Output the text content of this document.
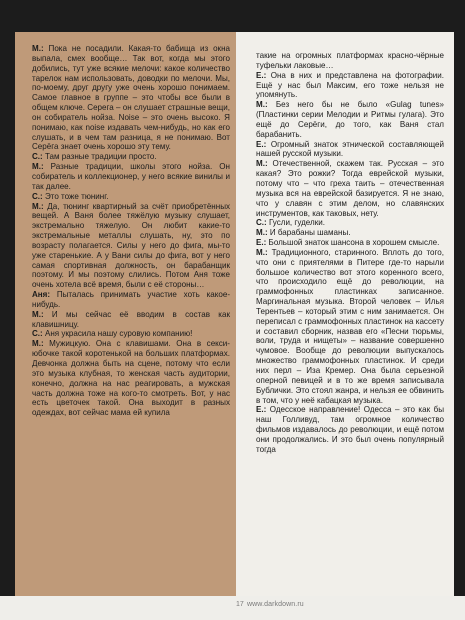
М.: Пока не посадили. Какая-то бабища из окна выпала, смех вообще… Так вот, когда мы этого добились, тут уже всякие мелочи: какое количество тарелок нам использовать, доводки по мелочи. Мы, по-моему, друг другу уже очень хорошо понимаем. Самое главное в группе – это чтобы все были в общем ключе. Серега – он слушает страшные вещи, он собиратель нойза. Noise – это очень высоко. Я понимаю, как noise издавать чем-нибудь, но как его слушать, и в чем там разница, я не понимаю. Вот Серёга знает очень хорошо эту тему.

С.: Там разные традиции просто.

М.: Разные традиции, школы этого нойза. Он собиратель и коллекционер, у него всякие винилы и так далее.

С.: Это тоже тюнинг.

М.: Да, тюнинг квартирный за счёт приобретённых вещей. А Ваня более тяжёлую музыку слушает, экстремально тяжелую. Он любит какие-то экстремальные металлы слушать, ну, это по возрасту полагается. Силы у него до фига, мы-то уже старенькие. А у Вани силы до фига, вот у него самая спортивная должность, он барабанщик поэтому. И мы поэтому слились. Потом Аня тоже очень хотела всё время, были с её стороны…

Аня: Пыталась принимать участие хоть какое-нибудь.

М.: И мы сейчас её вводим в состав как клавишницу.

С.: Аня украсила нашу суровую компанию!

М.: Мужицкую. Она с клавишами. Она в секси-юбочке такой коротенькой на больших платформах. Девчонка должна быть на сцене, потому что если это музыка клубная, то женская часть аудитории, конечно, должна на нас реагировать, а мужская часть должна тоже на кого-то смотреть. Вот, у нас есть цветочек такой. Она выходит в разных одеждах, вот сейчас мама ей купила

такие на огромных платформах красно-чёрные туфельки лаковые…

Е.: Она в них и представлена на фотографии. Ещё у нас был Максим, его тоже нельзя не упомянуть.

М.: Без него бы не было «Gulag tunes» (Пластинки серии Мелодии и Ритмы гулага). Это ещё до Серёги, до того, как Ваня стал барабанить.

Е.: Огромный знаток этнической составляющей нашей русской музыки.

М.: Отечественной, скажем так. Русская – это какая? Это рожки? Тогда еврейской музыки, потому что – что греха таить – отечественная музыка вся на еврейской базируется. Я не знаю, что у славян с этим делом, но славянских инструментов, как таковых, нету.

С.: Гусли, гуделки.

М.: И барабаны шаманы.

Е.: Большой знаток шансона в хорошем смысле.

М.: Традиционного, старинного. Вплоть до того, что они с приятелями в Питере где-то нарыли большое количество вот этого коренного всего, что происходило ещё до революции, на граммофонных пластинках записанное. Маргинальная музыка. Второй человек – Илья Терентьев – который этим с ним занимается. Он переписал с граммофонных пластинок на кассету и составил сборник, назвав его «Песни тюрьмы, воли, труда и нищеты» – название совершенно чумовое. Вообще до революции выпускалось множество граммофонных пластинок. И среди них перл – Иза Кремер. Она была серьезной оперной певицей и в то же время записывала Бублички. Это стоял жанра, и нельзя ее обвинить в том, что у неё кабацкая музыка.

Е.: Одесское направление! Одесса – это как бы наш Голливуд, там огромное количество фильмов издавалось до революции, и ещё потом они продолжались. И это был очень популярный тогда

17 www.darkdown.ru
